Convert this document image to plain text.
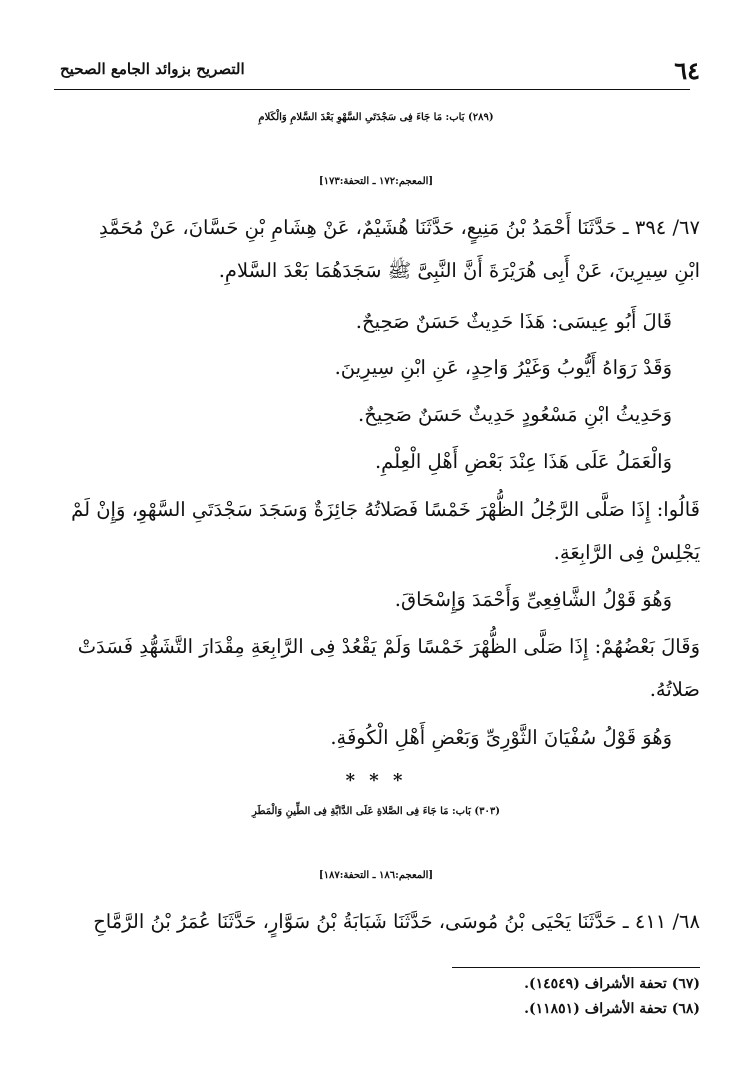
٦٤
التصريح بزوائد الجامع الصحيح
(٢٨٩) بَاب: مَا جَاءَ فِى سَجْدَتَىِ السَّهْوِ بَعْدَ السَّلامِ وَالْكَلامِ
[المعجم:١٧٢ ـ التحفة:١٧٣]
٦٧/ ٣٩٤ ـ حَدَّثَنَا أَحْمَدُ بْنُ مَنِيعٍ، حَدَّثَنَا هُشَيْمٌ، عَنْ هِشَامِ بْنِ حَسَّانَ، عَنْ مُحَمَّدِ
ابْنِ سِيرِينَ، عَنْ أَبِى هُرَيْرَةَ أَنَّ النَّبِىَّ ﷺ سَجَدَهُمَا بَعْدَ السَّلامِ.
قَالَ أَبُو عِيسَى: هَذَا حَدِيثٌ حَسَنٌ صَحِيحٌ.
وَقَدْ رَوَاهُ أَيُّوبُ وَغَيْرُ وَاحِدٍ، عَنِ ابْنِ سِيرِينَ.
وَحَدِيثُ ابْنِ مَسْعُودٍ حَدِيثٌ حَسَنٌ صَحِيحٌ.
وَالْعَمَلُ عَلَى هَذَا عِنْدَ بَعْضِ أَهْلِ الْعِلْمِ.
قَالُوا: إِذَا صَلَّى الرَّجُلُ الظُّهْرَ خَمْسًا فَصَلاتُهُ جَائِزَةٌ وَسَجَدَ سَجْدَتَىِ السَّهْوِ، وَإِنْ لَمْ
يَجْلِسْ فِى الرَّابِعَةِ.
وَهُوَ قَوْلُ الشَّافِعِىِّ وَأَحْمَدَ وَإِسْحَاقَ.
وَقَالَ بَعْضُهُمْ: إِذَا صَلَّى الظُّهْرَ خَمْسًا وَلَمْ يَقْعُدْ فِى الرَّابِعَةِ مِقْدَارَ التَّشَهُّدِ فَسَدَتْ
صَلاتُهُ.
وَهُوَ قَوْلُ سُفْيَانَ الثَّوْرِىِّ وَبَعْضِ أَهْلِ الْكُوفَةِ.
* * *
(٣٠٣) بَاب: مَا جَاءَ فِى الصَّلاةِ عَلَى الدَّابَّةِ فِى الطِّينِ وَالْمَطَرِ
[المعجم:١٨٦ ـ التحفة:١٨٧]
٦٨/ ٤١١ ـ حَدَّثَنَا يَحْيَى بْنُ مُوسَى، حَدَّثَنَا شَبَابَةُ بْنُ سَوَّارٍ، حَدَّثَنَا عُمَرُ بْنُ الرَّمَّاحِ
(٦٧) تحفة الأشراف (١٤٥٤٩).
(٦٨) تحفة الأشراف (١١٨٥١).
